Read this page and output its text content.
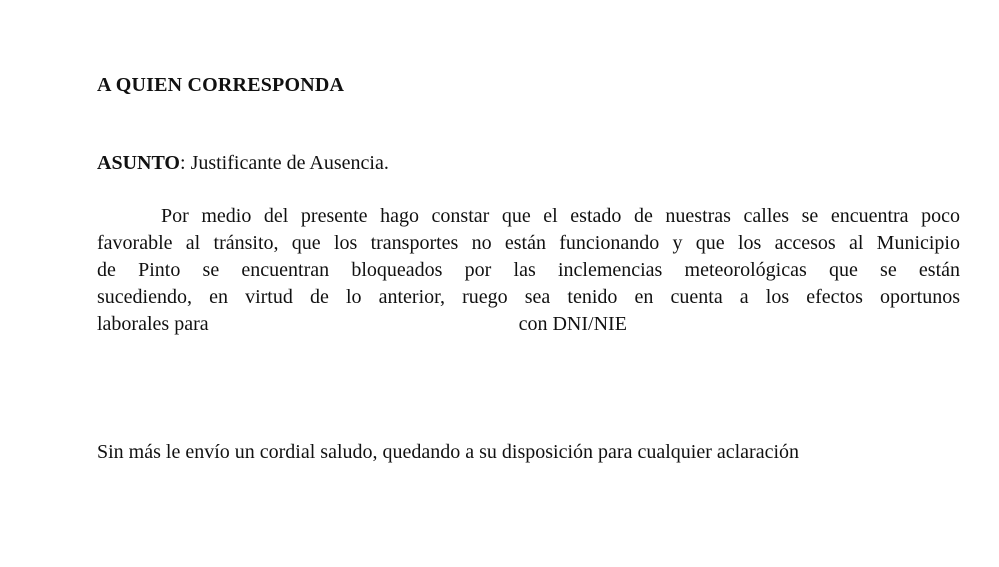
A QUIEN CORRESPONDA
ASUNTO: Justificante de Ausencia.
Por medio del presente hago constar que el estado de nuestras calles se encuentra poco
favorable al tránsito, que los transportes no están funcionando y que los accesos al Municipio
de Pinto se encuentran bloqueados por las inclemencias meteorológicas que se están
sucediendo, en virtud de lo anterior, ruego sea tenido en cuenta a los efectos oportunos
laborales para	con DNI/NIE
Sin más le envío un cordial saludo, quedando a su disposición para cualquier aclaración
